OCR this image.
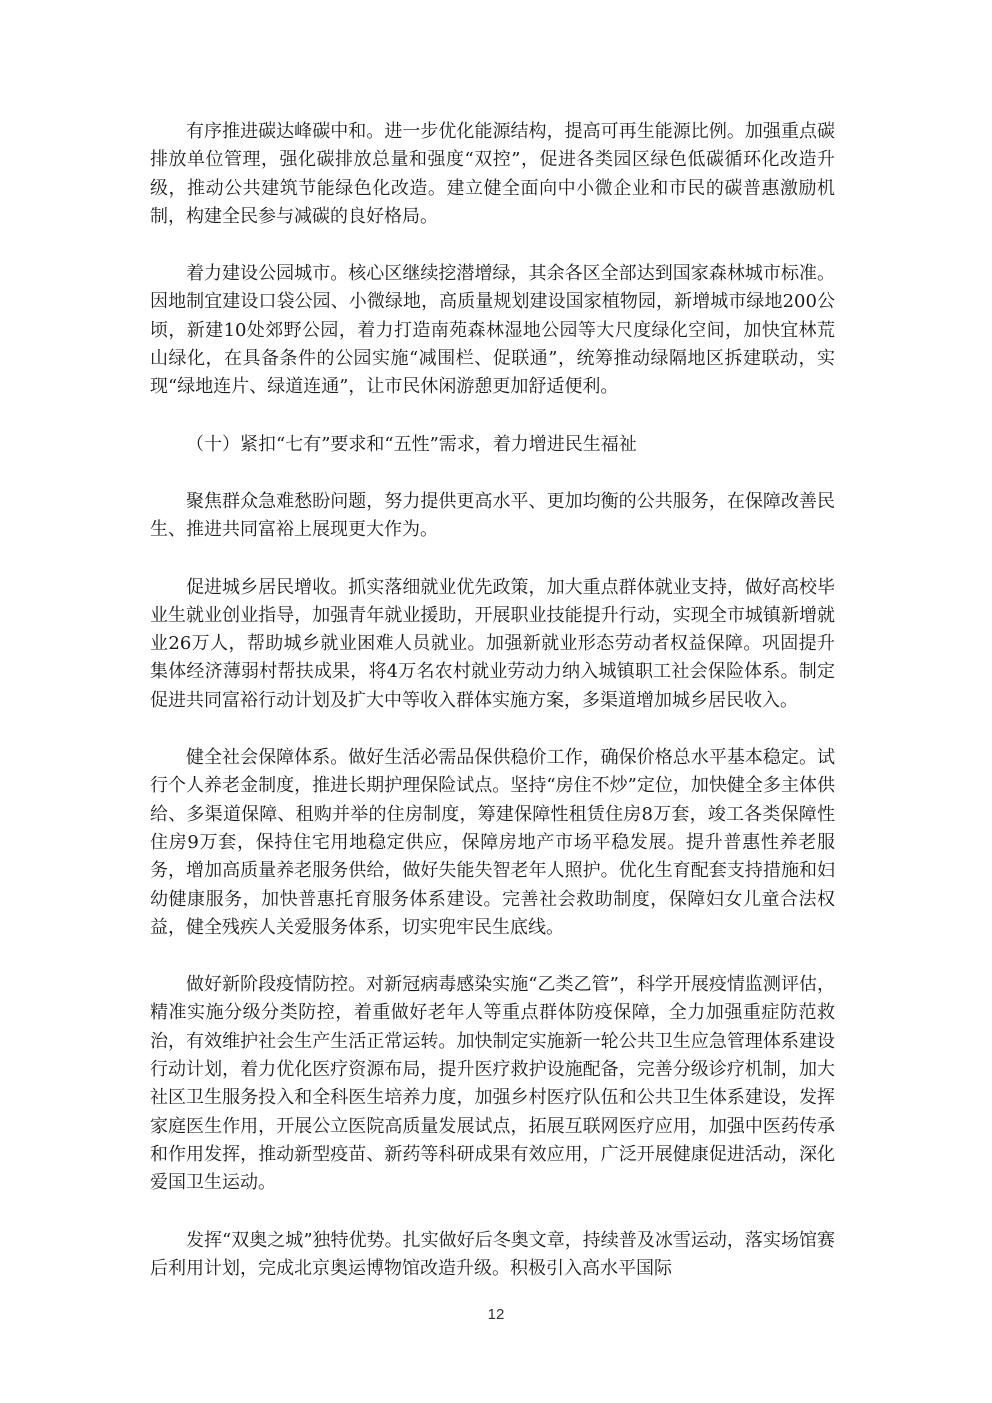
有序推进碳达峰碳中和。进一步优化能源结构，提高可再生能源比例。加强重点碳排放单位管理，强化碳排放总量和强度“双控”，促进各类园区绿色低碳循环化改造升级，推动公共建筑节能绿色化改造。建立健全面向中小微企业和市民的碳普惠激励机制，构建全民参与减碳的良好格局。

着力建设公园城市。核心区继续挖潜增绿，其余各区全部达到国家森林城市标准。因地制宜建设口袋公园、小微绿地，高质量规划建设国家植物园，新增城市绿地200公顷，新建10处郊野公园，着力打造南苑森林湿地公园等大尺度绿化空间，加快宜林荒山绿化，在具备条件的公园实施“减围栏、促联通”，统筹推动绿隔地区拆建联动，实现“绿地连片、绿道连通”，让市民休闲游憩更加舒适便利。

（十）紧扣“七有”要求和“五性”需求，着力增进民生福祉

聚焦群众急难愁盼问题，努力提供更高水平、更加均衡的公共服务，在保障改善民生、推进共同富裕上展现更大作为。

促进城乡居民增收。抓实落细就业优先政策，加大重点群体就业支持，做好高校毕业生就业创业指导，加强青年就业援助，开展职业技能提升行动，实现全市城镇新增就业26万人，帮助城乡就业困难人员就业。加强新就业形态劳动者权益保障。巩固提升集体经济薄弱村帮扶成果，将4万名农村就业劳动力纳入城镇职工社会保险体系。制定促进共同富裕行动计划及扩大中等收入群体实施方案，多渠道增加城乡居民收入。

健全社会保障体系。做好生活必需品保供稳价工作，确保价格总水平基本稳定。试行个人养老金制度，推进长期护理保险试点。坚持“房住不炒”定位，加快健全多主体供给、多渠道保障、租购并举的住房制度，筹建保障性租赁住房8万套，竣工各类保障性住房9万套，保持住宅用地稳定供应，保障房地产市场平稳发展。提升普惠性养老服务，增加高质量养老服务供给，做好失能失智老年人照护。优化生育配套支持措施和妇幼健康服务，加快普惠托育服务体系建设。完善社会救助制度，保障妇女儿童合法权益，健全残疾人关爱服务体系，切实兜牢民生底线。

做好新阶段疫情防控。对新冠病毒感染实施“乙类乙管”，科学开展疫情监测评估，精准实施分级分类防控，着重做好老年人等重点群体防疫保障，全力加强重症防范救治，有效维护社会生产生活正常运转。加快制定实施新一轮公共卫生应急管理体系建设行动计划，着力优化医疗资源布局，提升医疗救护设施配备，完善分级诊疗机制，加大社区卫生服务投入和全科医生培养力度，加强乡村医疗队伍和公共卫生体系建设，发挥家庭医生作用，开展公立医院高质量发展试点，拓展互联网医疗应用，加强中医药传承和作用发挥，推动新型疫苗、新药等科研成果有效应用，广泛开展健康促进活动，深化爱国卫生运动。

发挥“双奥之城”独特优势。扎实做好后冬奥文章，持续普及冰雪运动，落实场馆赛后利用计划，完成北京奥运博物馆改造升级。积极引入高水平国际

12
